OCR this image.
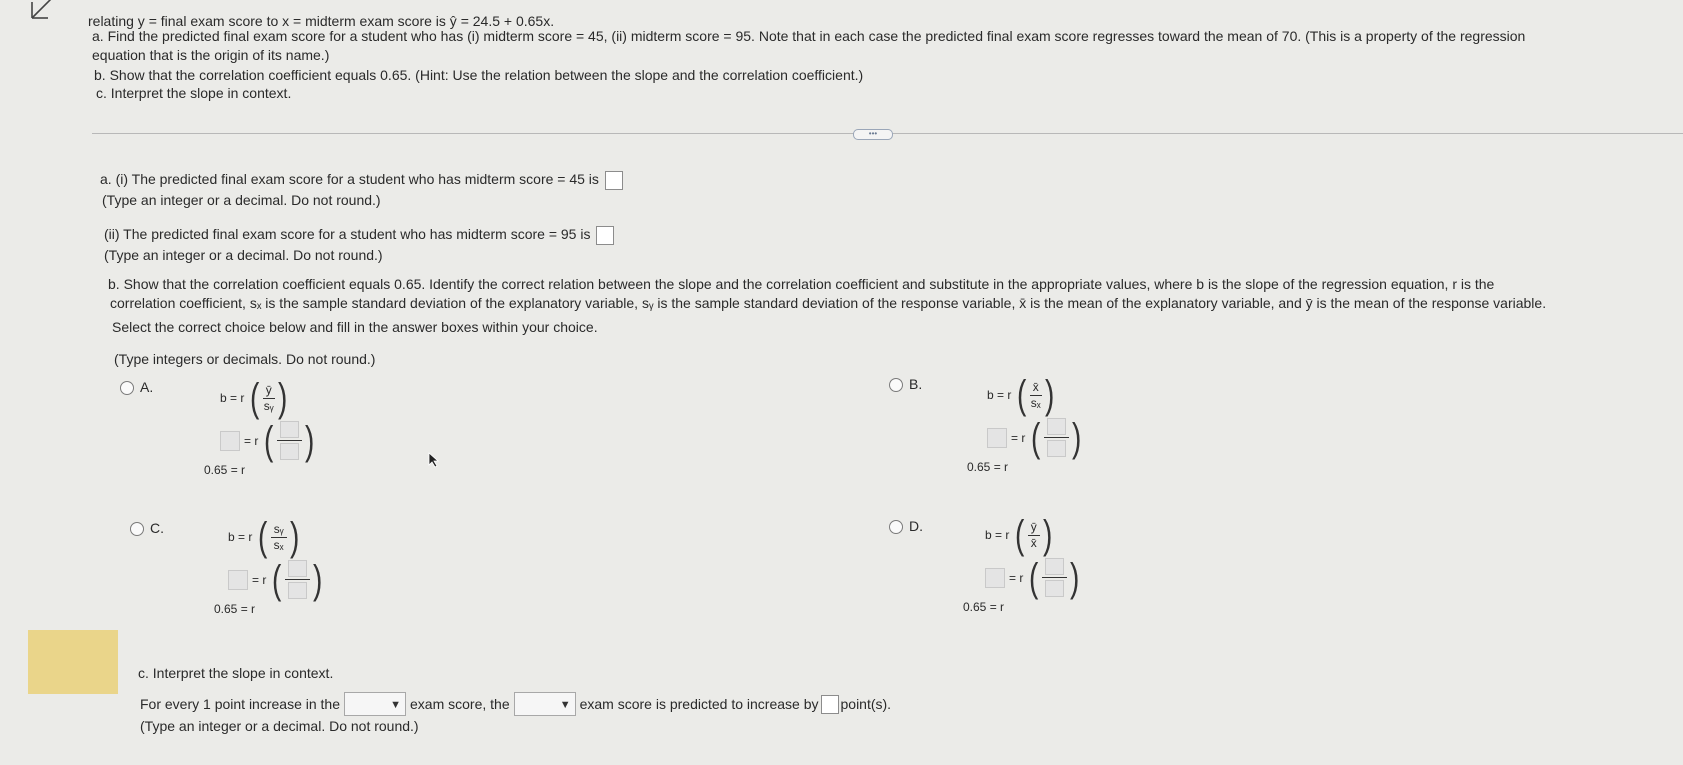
relating y = final exam score to x = midterm exam score is ŷ = 24.5 + 0.65x.
a. Find the predicted final exam score for a student who has (i) midterm score = 45, (ii) midterm score = 95. Note that in each case the predicted final exam score regresses toward the mean of 70. (This is a property of the regression
equation that is the origin of its name.)
b. Show that the correlation coefficient equals 0.65. (Hint: Use the relation between the slope and the correlation coefficient.)
c. Interpret the slope in context.
•••
a. (i) The predicted final exam score for a student who has midterm score = 45 is
(Type an integer or a decimal. Do not round.)
(ii) The predicted final exam score for a student who has midterm score = 95 is
(Type an integer or a decimal. Do not round.)
b. Show that the correlation coefficient equals 0.65. Identify the correct relation between the slope and the correlation coefficient and substitute in the appropriate values, where b is the slope of the regression equation, r is the
correlation coefficient, sₓ is the sample standard deviation of the explanatory variable, sᵧ is the sample standard deviation of the response variable, x̄ is the mean of the explanatory variable, and ȳ is the mean of the response variable.
Select the correct choice below and fill in the answer boxes within your choice.
(Type integers or decimals. Do not round.)
A.
b = r ( $\frac{ȳ}{\text{sᵧ}}$ )
= r ( )
0.65 = r
B.
b = r ( $\frac{x̄}{\text{sₓ}}$ )
= r ( )
0.65 = r
C.
b = r ( $\frac{\text{sᵧ}}{\text{sₓ}}$ )
= r ( )
0.65 = r
D.
b = r ( $\frac{ȳ}{x̄}$ )
= r ( )
0.65 = r
c. Interpret the slope in context.
For every 1 point increase in the	▼ exam score, the	▼ exam score is predicted to increase by point(s).
(Type an integer or a decimal. Do not round.)
